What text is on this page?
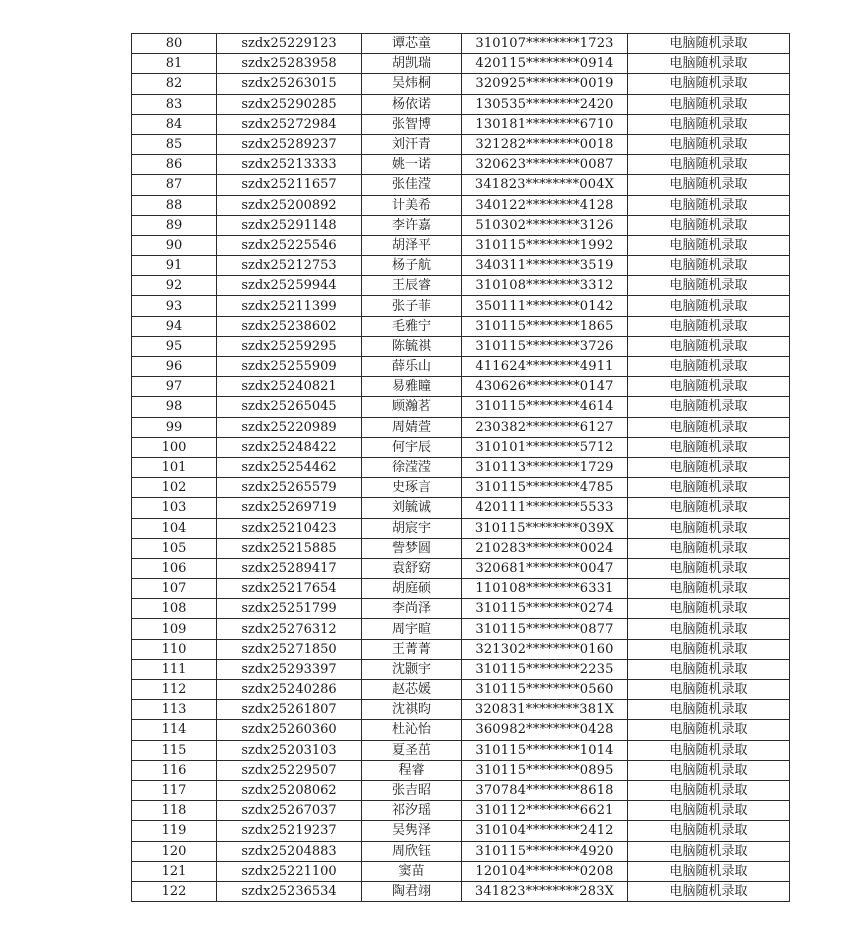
80	szdx25229123	谭芯童	310107********1723	电脑随机录取
81	szdx25283958	胡凯瑞	420115********0914	电脑随机录取
82	szdx25263015	吴炜桐	320925********0019	电脑随机录取
83	szdx25290285	杨依诺	130535********2420	电脑随机录取
84	szdx25272984	张智博	130181********6710	电脑随机录取
85	szdx25289237	刘汗青	321282********0018	电脑随机录取
86	szdx25213333	姚一诺	320623********0087	电脑随机录取
87	szdx25211657	张佳滢	341823********004X	电脑随机录取
88	szdx25200892	计美希	340122********4128	电脑随机录取
89	szdx25291148	李许嘉	510302********3126	电脑随机录取
90	szdx25225546	胡泽平	310115********1992	电脑随机录取
91	szdx25212753	杨子航	340311********3519	电脑随机录取
92	szdx25259944	王辰睿	310108********3312	电脑随机录取
93	szdx25211399	张子菲	350111********0142	电脑随机录取
94	szdx25238602	毛雅宁	310115********1865	电脑随机录取
95	szdx25259295	陈毓祺	310115********3726	电脑随机录取
96	szdx25255909	薛乐山	411624********4911	电脑随机录取
97	szdx25240821	易雅瞳	430626********0147	电脑随机录取
98	szdx25265045	顾瀚茗	310115********4614	电脑随机录取
99	szdx25220989	周婧萱	230382********6127	电脑随机录取
100	szdx25248422	何宇辰	310101********5712	电脑随机录取
101	szdx25254462	徐滢滢	310113********1729	电脑随机录取
102	szdx25265579	史琢言	310115********4785	电脑随机录取
103	szdx25269719	刘毓诚	420111********5533	电脑随机录取
104	szdx25210423	胡宸宇	310115********039X	电脑随机录取
105	szdx25215885	訾梦圆	210283********0024	电脑随机录取
106	szdx25289417	袁舒窈	320681********0047	电脑随机录取
107	szdx25217654	胡庭硕	110108********6331	电脑随机录取
108	szdx25251799	李尚泽	310115********0274	电脑随机录取
109	szdx25276312	周宇暄	310115********0877	电脑随机录取
110	szdx25271850	王菁菁	321302********0160	电脑随机录取
111	szdx25293397	沈颢宇	310115********2235	电脑随机录取
112	szdx25240286	赵芯媛	310115********0560	电脑随机录取
113	szdx25261807	沈祺昀	320831********381X	电脑随机录取
114	szdx25260360	杜沁怡	360982********0428	电脑随机录取
115	szdx25203103	夏圣茁	310115********1014	电脑随机录取
116	szdx25229507	程睿	310115********0895	电脑随机录取
117	szdx25208062	张吉昭	370784********8618	电脑随机录取
118	szdx25267037	祁汐瑶	310112********6621	电脑随机录取
119	szdx25219237	吴隽泽	310104********2412	电脑随机录取
120	szdx25204883	周欣钰	310115********4920	电脑随机录取
121	szdx25221100	窦苗	120104********0208	电脑随机录取
122	szdx25236534	陶君翊	341823********283X	电脑随机录取
